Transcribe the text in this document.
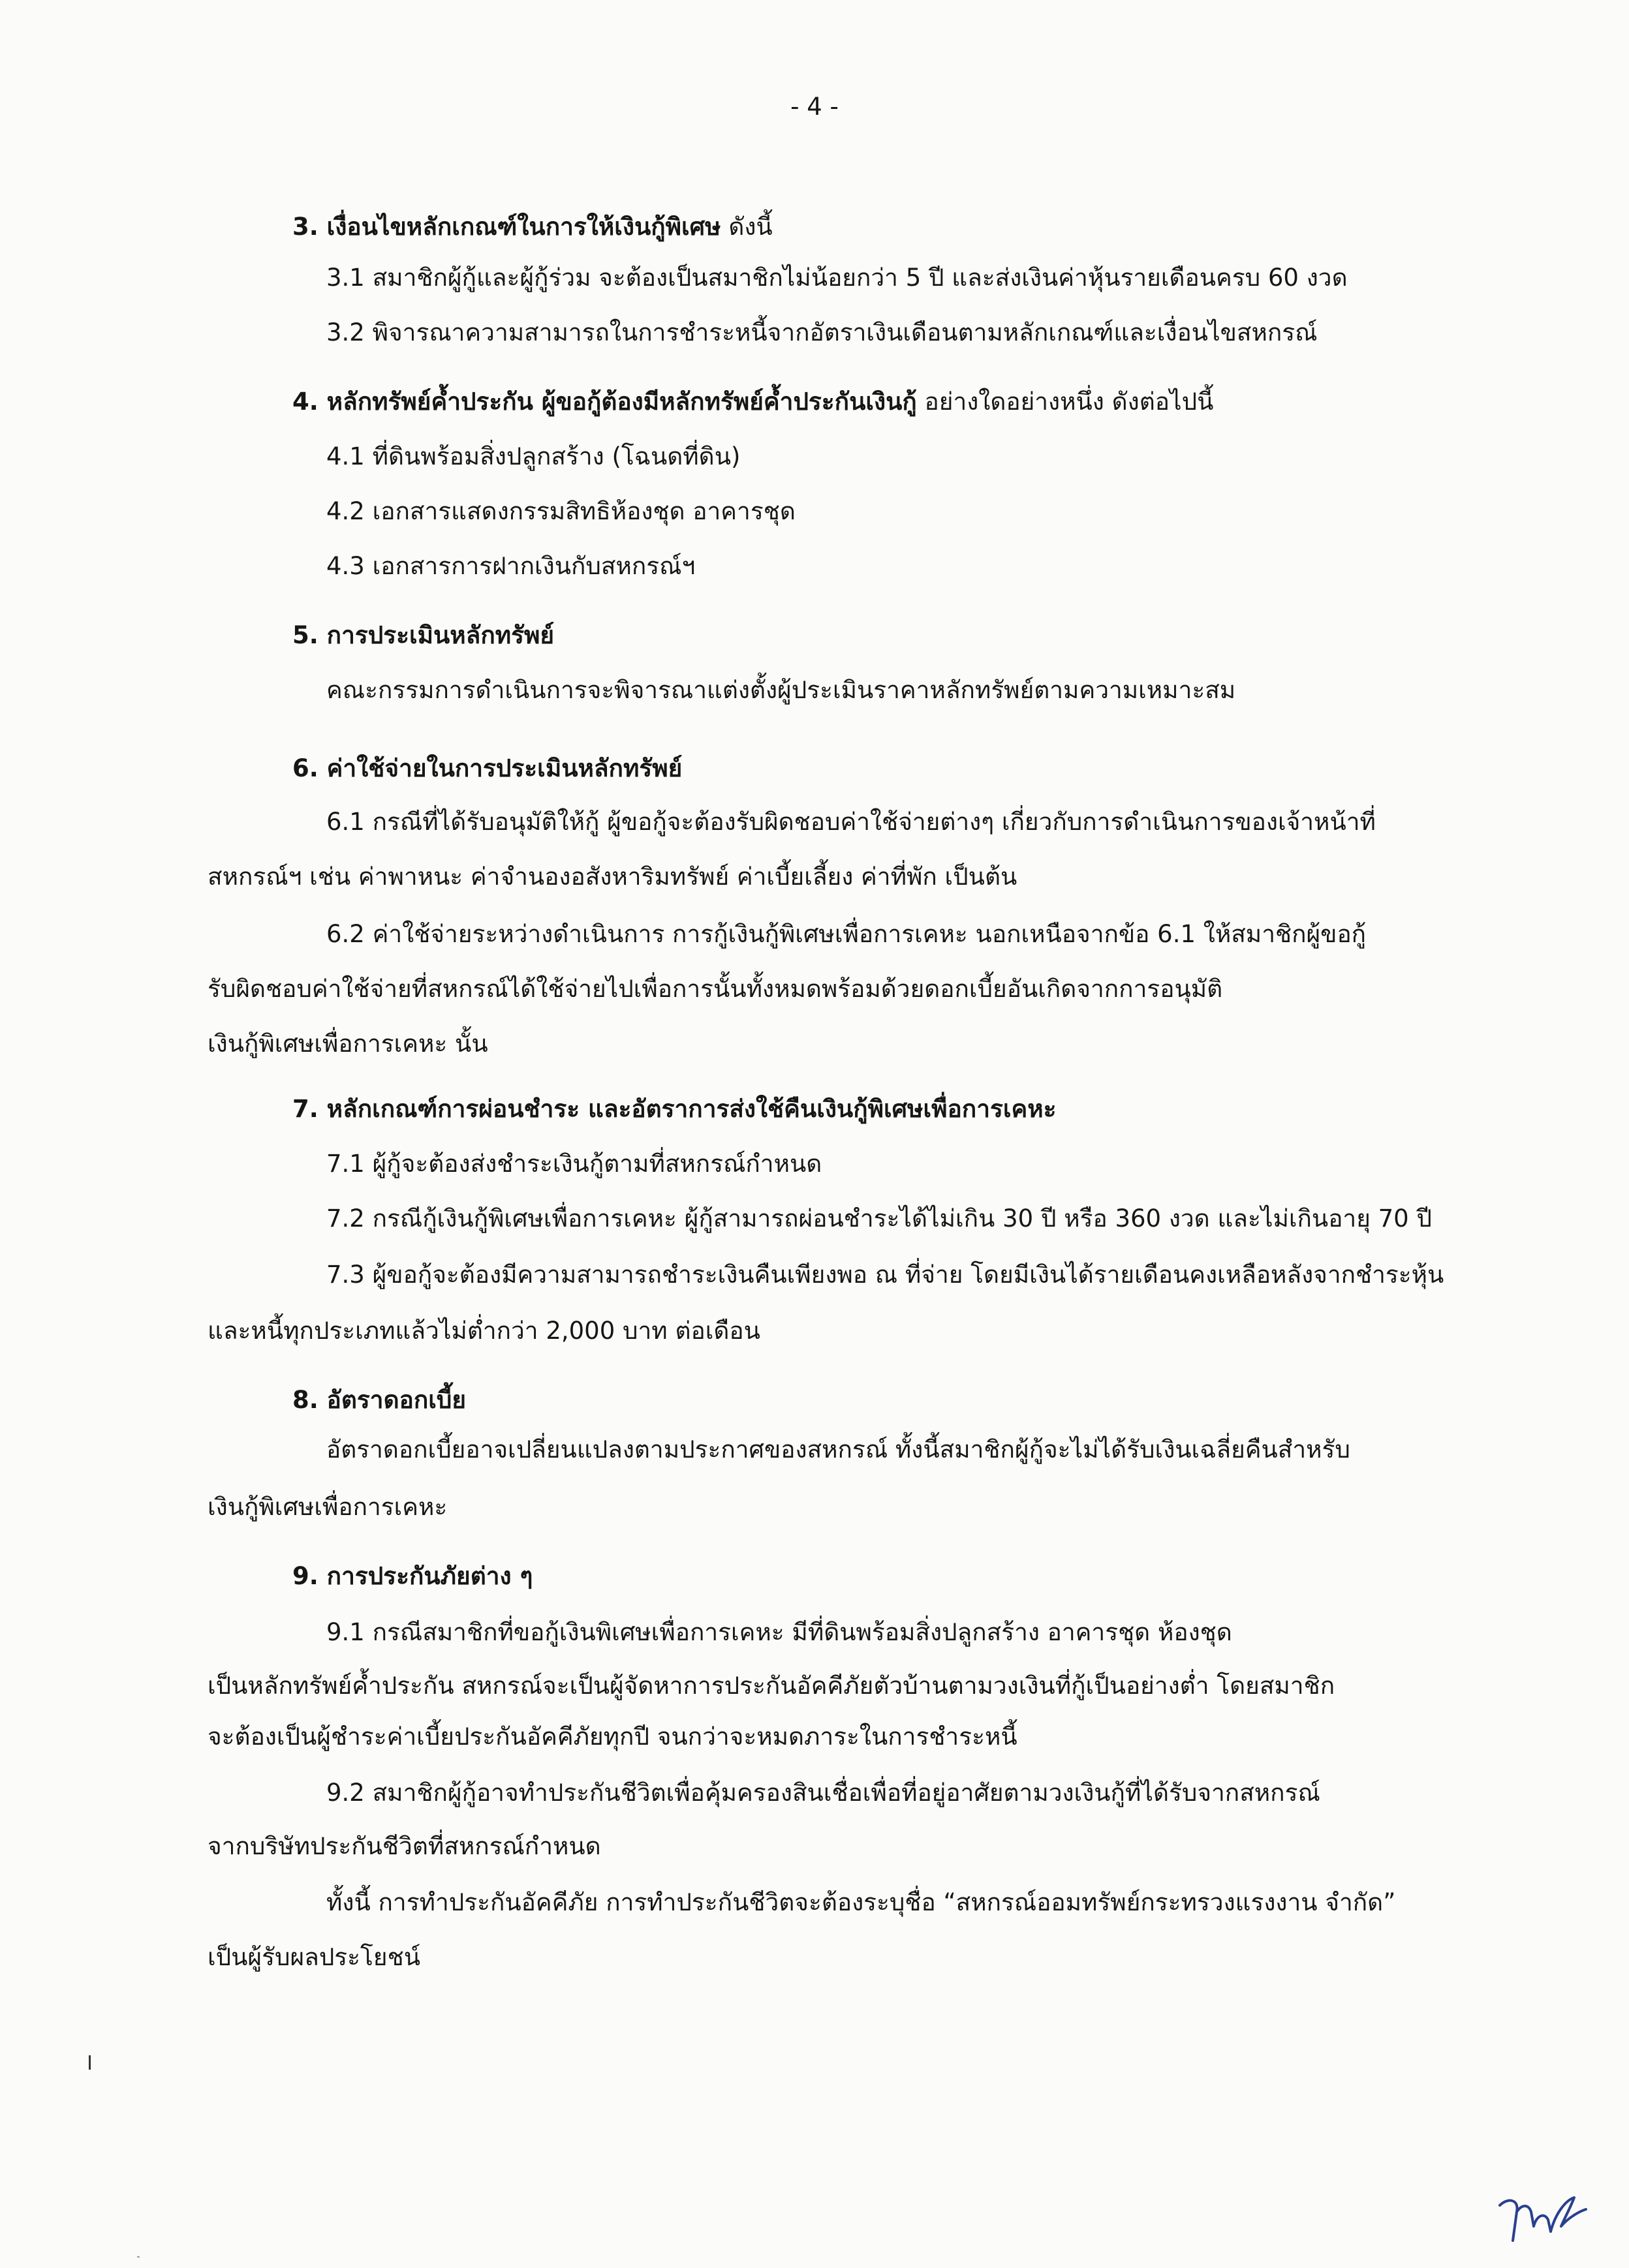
- 4 -
3. เงื่อนไขหลักเกณฑ์ในการให้เงินกู้พิเศษ ดังนี้
3.1 สมาชิกผู้กู้และผู้กู้ร่วม จะต้องเป็นสมาชิกไม่น้อยกว่า 5 ปี และส่งเงินค่าหุ้นรายเดือนครบ 60 งวด
3.2 พิจารณาความสามารถในการชำระหนี้จากอัตราเงินเดือนตามหลักเกณฑ์และเงื่อนไขสหกรณ์
4. หลักทรัพย์ค้ำประกัน ผู้ขอกู้ต้องมีหลักทรัพย์ค้ำประกันเงินกู้ อย่างใดอย่างหนึ่ง ดังต่อไปนี้
4.1 ที่ดินพร้อมสิ่งปลูกสร้าง (โฉนดที่ดิน)
4.2 เอกสารแสดงกรรมสิทธิห้องชุด อาคารชุด
4.3 เอกสารการฝากเงินกับสหกรณ์ฯ
5. การประเมินหลักทรัพย์
คณะกรรมการดำเนินการจะพิจารณาแต่งตั้งผู้ประเมินราคาหลักทรัพย์ตามความเหมาะสม
6. ค่าใช้จ่ายในการประเมินหลักทรัพย์
6.1 กรณีที่ได้รับอนุมัติให้กู้ ผู้ขอกู้จะต้องรับผิดชอบค่าใช้จ่ายต่างๆ เกี่ยวกับการดำเนินการของเจ้าหน้าที่
สหกรณ์ฯ เช่น ค่าพาหนะ ค่าจำนองอสังหาริมทรัพย์ ค่าเบี้ยเลี้ยง ค่าที่พัก เป็นต้น
6.2 ค่าใช้จ่ายระหว่างดำเนินการ การกู้เงินกู้พิเศษเพื่อการเคหะ นอกเหนือจากข้อ 6.1 ให้สมาชิกผู้ขอกู้
รับผิดชอบค่าใช้จ่ายที่สหกรณ์ได้ใช้จ่ายไปเพื่อการนั้นทั้งหมดพร้อมด้วยดอกเบี้ยอันเกิดจากการอนุมัติ
เงินกู้พิเศษเพื่อการเคหะ นั้น
7. หลักเกณฑ์การผ่อนชำระ และอัตราการส่งใช้คืนเงินกู้พิเศษเพื่อการเคหะ
7.1 ผู้กู้จะต้องส่งชำระเงินกู้ตามที่สหกรณ์กำหนด
7.2 กรณีกู้เงินกู้พิเศษเพื่อการเคหะ ผู้กู้สามารถผ่อนชำระได้ไม่เกิน 30 ปี หรือ 360 งวด และไม่เกินอายุ 70 ปี
7.3 ผู้ขอกู้จะต้องมีความสามารถชำระเงินคืนเพียงพอ ณ ที่จ่าย โดยมีเงินได้รายเดือนคงเหลือหลังจากชำระหุ้น
และหนี้ทุกประเภทแล้วไม่ต่ำกว่า 2,000 บาท ต่อเดือน
8. อัตราดอกเบี้ย
อัตราดอกเบี้ยอาจเปลี่ยนแปลงตามประกาศของสหกรณ์ ทั้งนี้สมาชิกผู้กู้จะไม่ได้รับเงินเฉลี่ยคืนสำหรับ
เงินกู้พิเศษเพื่อการเคหะ
9. การประกันภัยต่าง ๆ
9.1 กรณีสมาชิกที่ขอกู้เงินพิเศษเพื่อการเคหะ มีที่ดินพร้อมสิ่งปลูกสร้าง อาคารชุด ห้องชุด
เป็นหลักทรัพย์ค้ำประกัน สหกรณ์จะเป็นผู้จัดหาการประกันอัคคีภัยตัวบ้านตามวงเงินที่กู้เป็นอย่างต่ำ โดยสมาชิก
จะต้องเป็นผู้ชำระค่าเบี้ยประกันอัคคีภัยทุกปี จนกว่าจะหมดภาระในการชำระหนี้
9.2 สมาชิกผู้กู้อาจทำประกันชีวิตเพื่อคุ้มครองสินเชื่อเพื่อที่อยู่อาศัยตามวงเงินกู้ที่ได้รับจากสหกรณ์
จากบริษัทประกันชีวิตที่สหกรณ์กำหนด
ทั้งนี้ การทำประกันอัคคีภัย การทำประกันชีวิตจะต้องระบุชื่อ “สหกรณ์ออมทรัพย์กระทรวงแรงงาน จำกัด”
เป็นผู้รับผลประโยชน์
